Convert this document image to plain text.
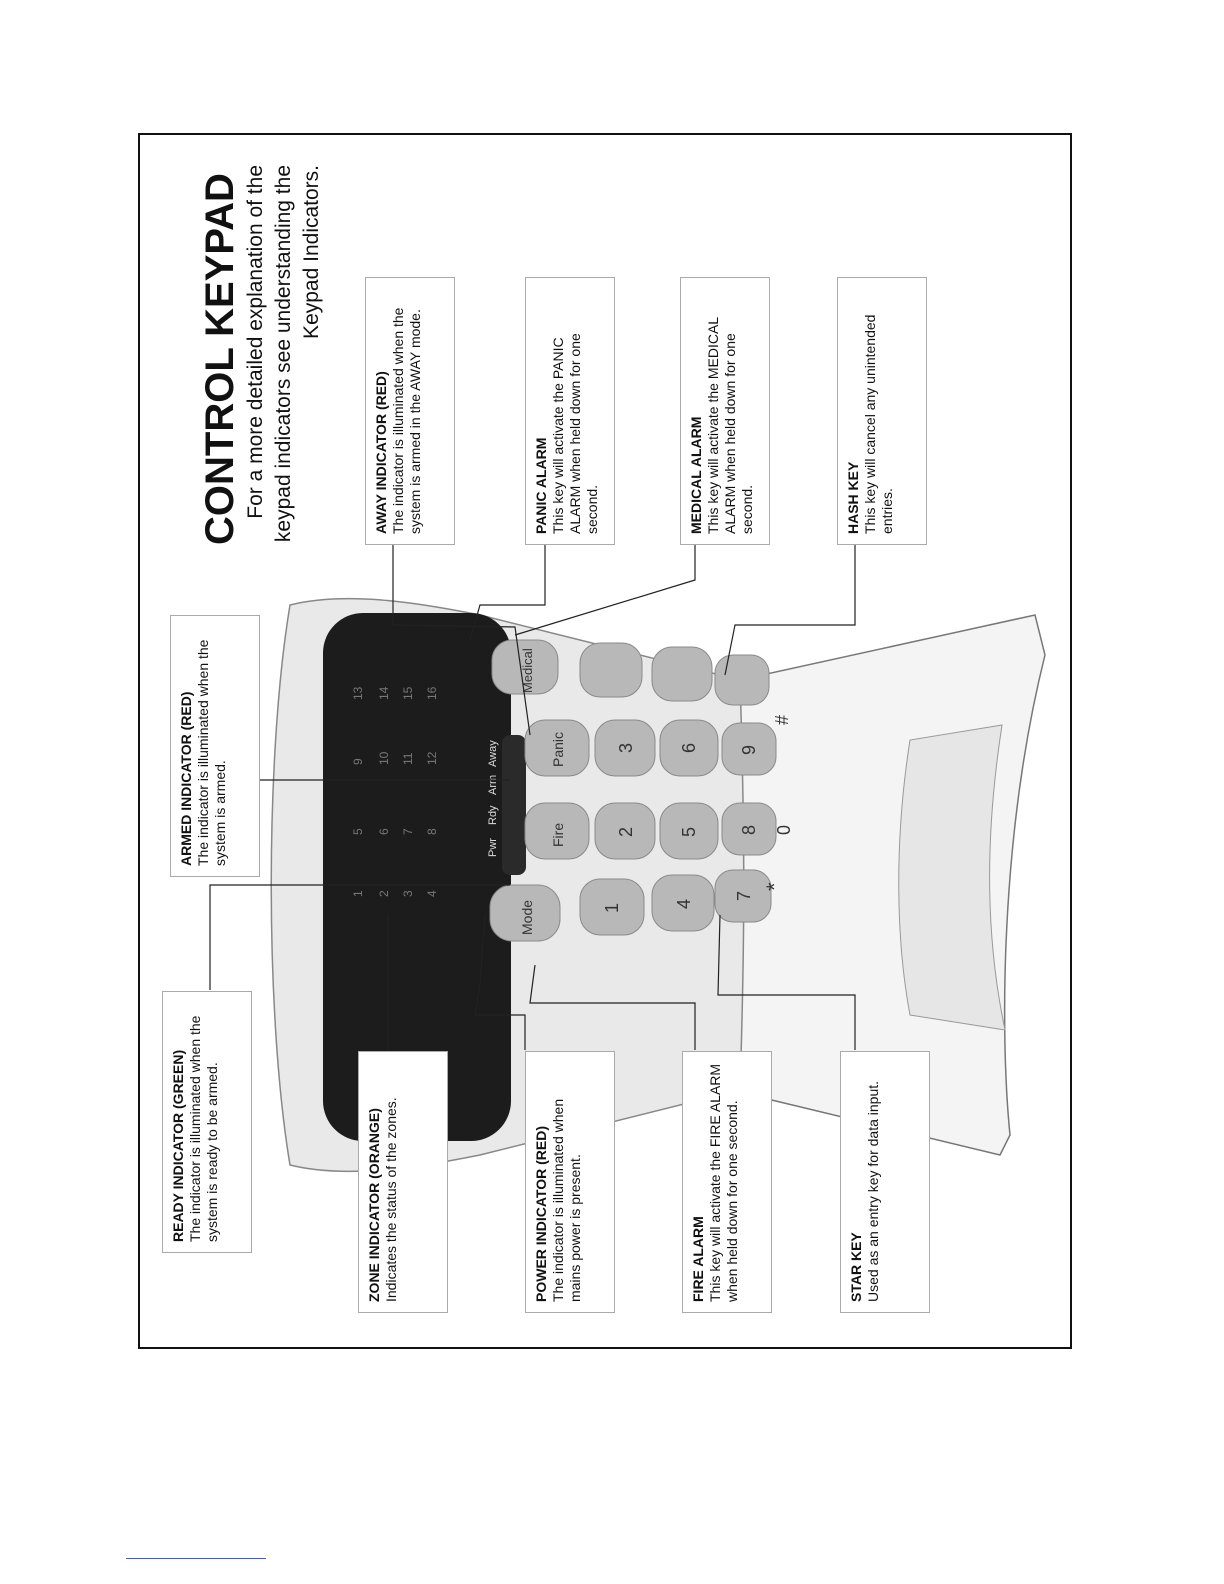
1 2 3 4
5 6 7 8
9 10 11 12
13 14 15 16
Pwr
Rdy
Arm
Away
Mode
Fire
Panic
Medical
1
2
3
4
5
6
7
8
9
*
0
#
CONTROL KEYPAD For a more detailed explanation of the keypad indicators see understanding the Keypad Indicators.
READY INDICATOR (GREEN) The indicator is illuminated when the system is ready to be armed.	ZONE INDICATOR (ORANGE) Indicates the status of the zones.	POWER INDICATOR (RED) The indicator is illuminated when mains power is present.	FIRE ALARM This key will activate the FIRE ALARM when held down for one second.	STAR KEY Used as an entry key for data input.
ARMED INDICATOR (RED) The indicator is illuminated when the system is armed.
AWAY INDICATOR (RED) The indicator is illuminated when the system is armed in the AWAY mode.	PANIC ALARM This key will activate the PANIC ALARM when held down for one second.	MEDICAL ALARM This key will activate the MEDICAL ALARM when held down for one second.	HASH KEY This key will cancel any unintended entries.
